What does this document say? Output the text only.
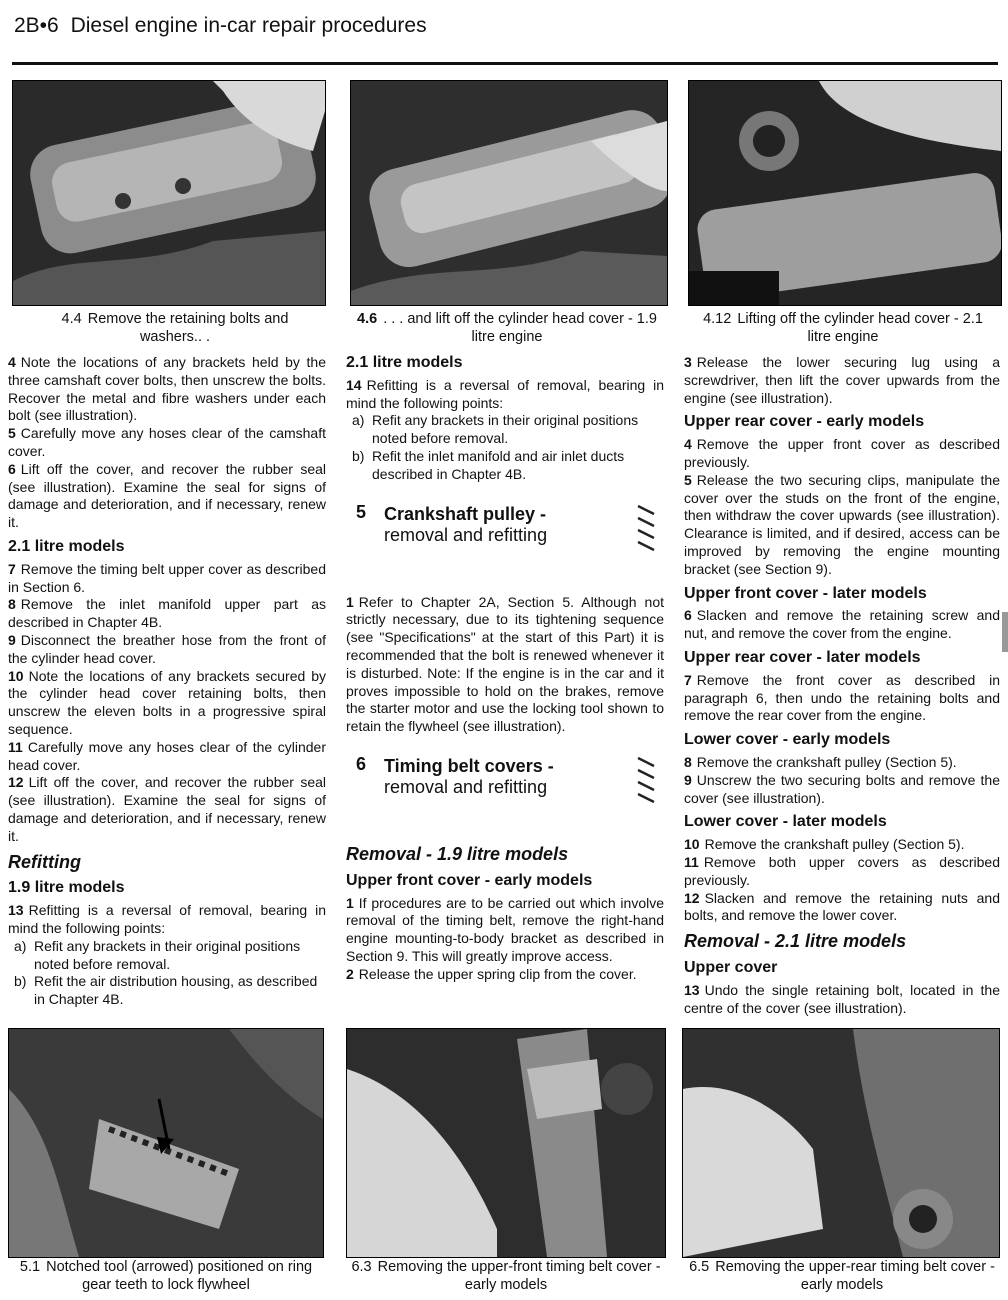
2B•6 Diesel engine in-car repair procedures
4.4 Remove the retaining bolts and washers.. .
4.6 . . . and lift off the cylinder head cover - 1.9 litre engine
4.12 Lifting off the cylinder head cover - 2.1 litre engine

4 Note the locations of any brackets held by the three camshaft cover bolts, then unscrew the bolts. Recover the metal and fibre washers under each bolt (see illustration).

5 Carefully move any hoses clear of the camshaft cover.

6 Lift off the cover, and recover the rubber seal (see illustration). Examine the seal for signs of damage and deterioration, and if necessary, renew it.

2.1 litre models

7 Remove the timing belt upper cover as described in Section 6.

8 Remove the inlet manifold upper part as described in Chapter 4B.

9 Disconnect the breather hose from the front of the cylinder head cover.

10 Note the locations of any brackets secured by the cylinder head cover retaining bolts, then unscrew the eleven bolts in a progressive spiral sequence.

11 Carefully move any hoses clear of the cylinder head cover.

12 Lift off the cover, and recover the rubber seal (see illustration). Examine the seal for signs of damage and deterioration, and if necessary, renew it.

Refitting
1.9 litre models

13 Refitting is a reversal of removal, bearing in mind the following points:

a) Refit any brackets in their original positions noted before removal.

b) Refit the air distribution housing, as described in Chapter 4B.

2.1 litre models

14 Refitting is a reversal of removal, bearing in mind the following points:

a) Refit any brackets in their original positions noted before removal.

b) Refit the inlet manifold and air inlet ducts described in Chapter 4B.

5 Crankshaft pulley -
removal and refitting

1 Refer to Chapter 2A, Section 5. Although not strictly necessary, due to its tightening sequence (see "Specifications" at the start of this Part) it is recommended that the bolt is renewed whenever it is disturbed. Note: If the engine is in the car and it proves impossible to hold on the brakes, remove the starter motor and use the locking tool shown to retain the flywheel (see illustration).

6 Timing belt covers -
removal and refitting
Removal - 1.9 litre models
Upper front cover - early models

1 If procedures are to be carried out which involve removal of the timing belt, remove the right-hand engine mounting-to-body bracket as described in Section 9. This will greatly improve access.

2 Release the upper spring clip from the cover.

3 Release the lower securing lug using a screwdriver, then lift the cover upwards from the engine (see illustration).

Upper rear cover - early models

4 Remove the upper front cover as described previously.

5 Release the two securing clips, manipulate the cover over the studs on the front of the engine, then withdraw the cover upwards (see illustration). Clearance is limited, and if desired, access can be improved by removing the engine mounting bracket (see Section 9).

Upper front cover - later models

6 Slacken and remove the retaining screw and nut, and remove the cover from the engine.

Upper rear cover - later models

7 Remove the front cover as described in paragraph 6, then undo the retaining bolts and remove the rear cover from the engine.

Lower cover - early models

8 Remove the crankshaft pulley (Section 5).

9 Unscrew the two securing bolts and remove the cover (see illustration).

Lower cover - later models

10 Remove the crankshaft pulley (Section 5).

11 Remove both upper covers as described previously.

12 Slacken and remove the retaining nuts and bolts, and remove the lower cover.

Removal - 2.1 litre models
Upper cover

13 Undo the single retaining bolt, located in the centre of the cover (see illustration).

5.1 Notched tool (arrowed) positioned on ring gear teeth to lock flywheel
6.3 Removing the upper-front timing belt cover - early models
6.5 Removing the upper-rear timing belt cover - early models
